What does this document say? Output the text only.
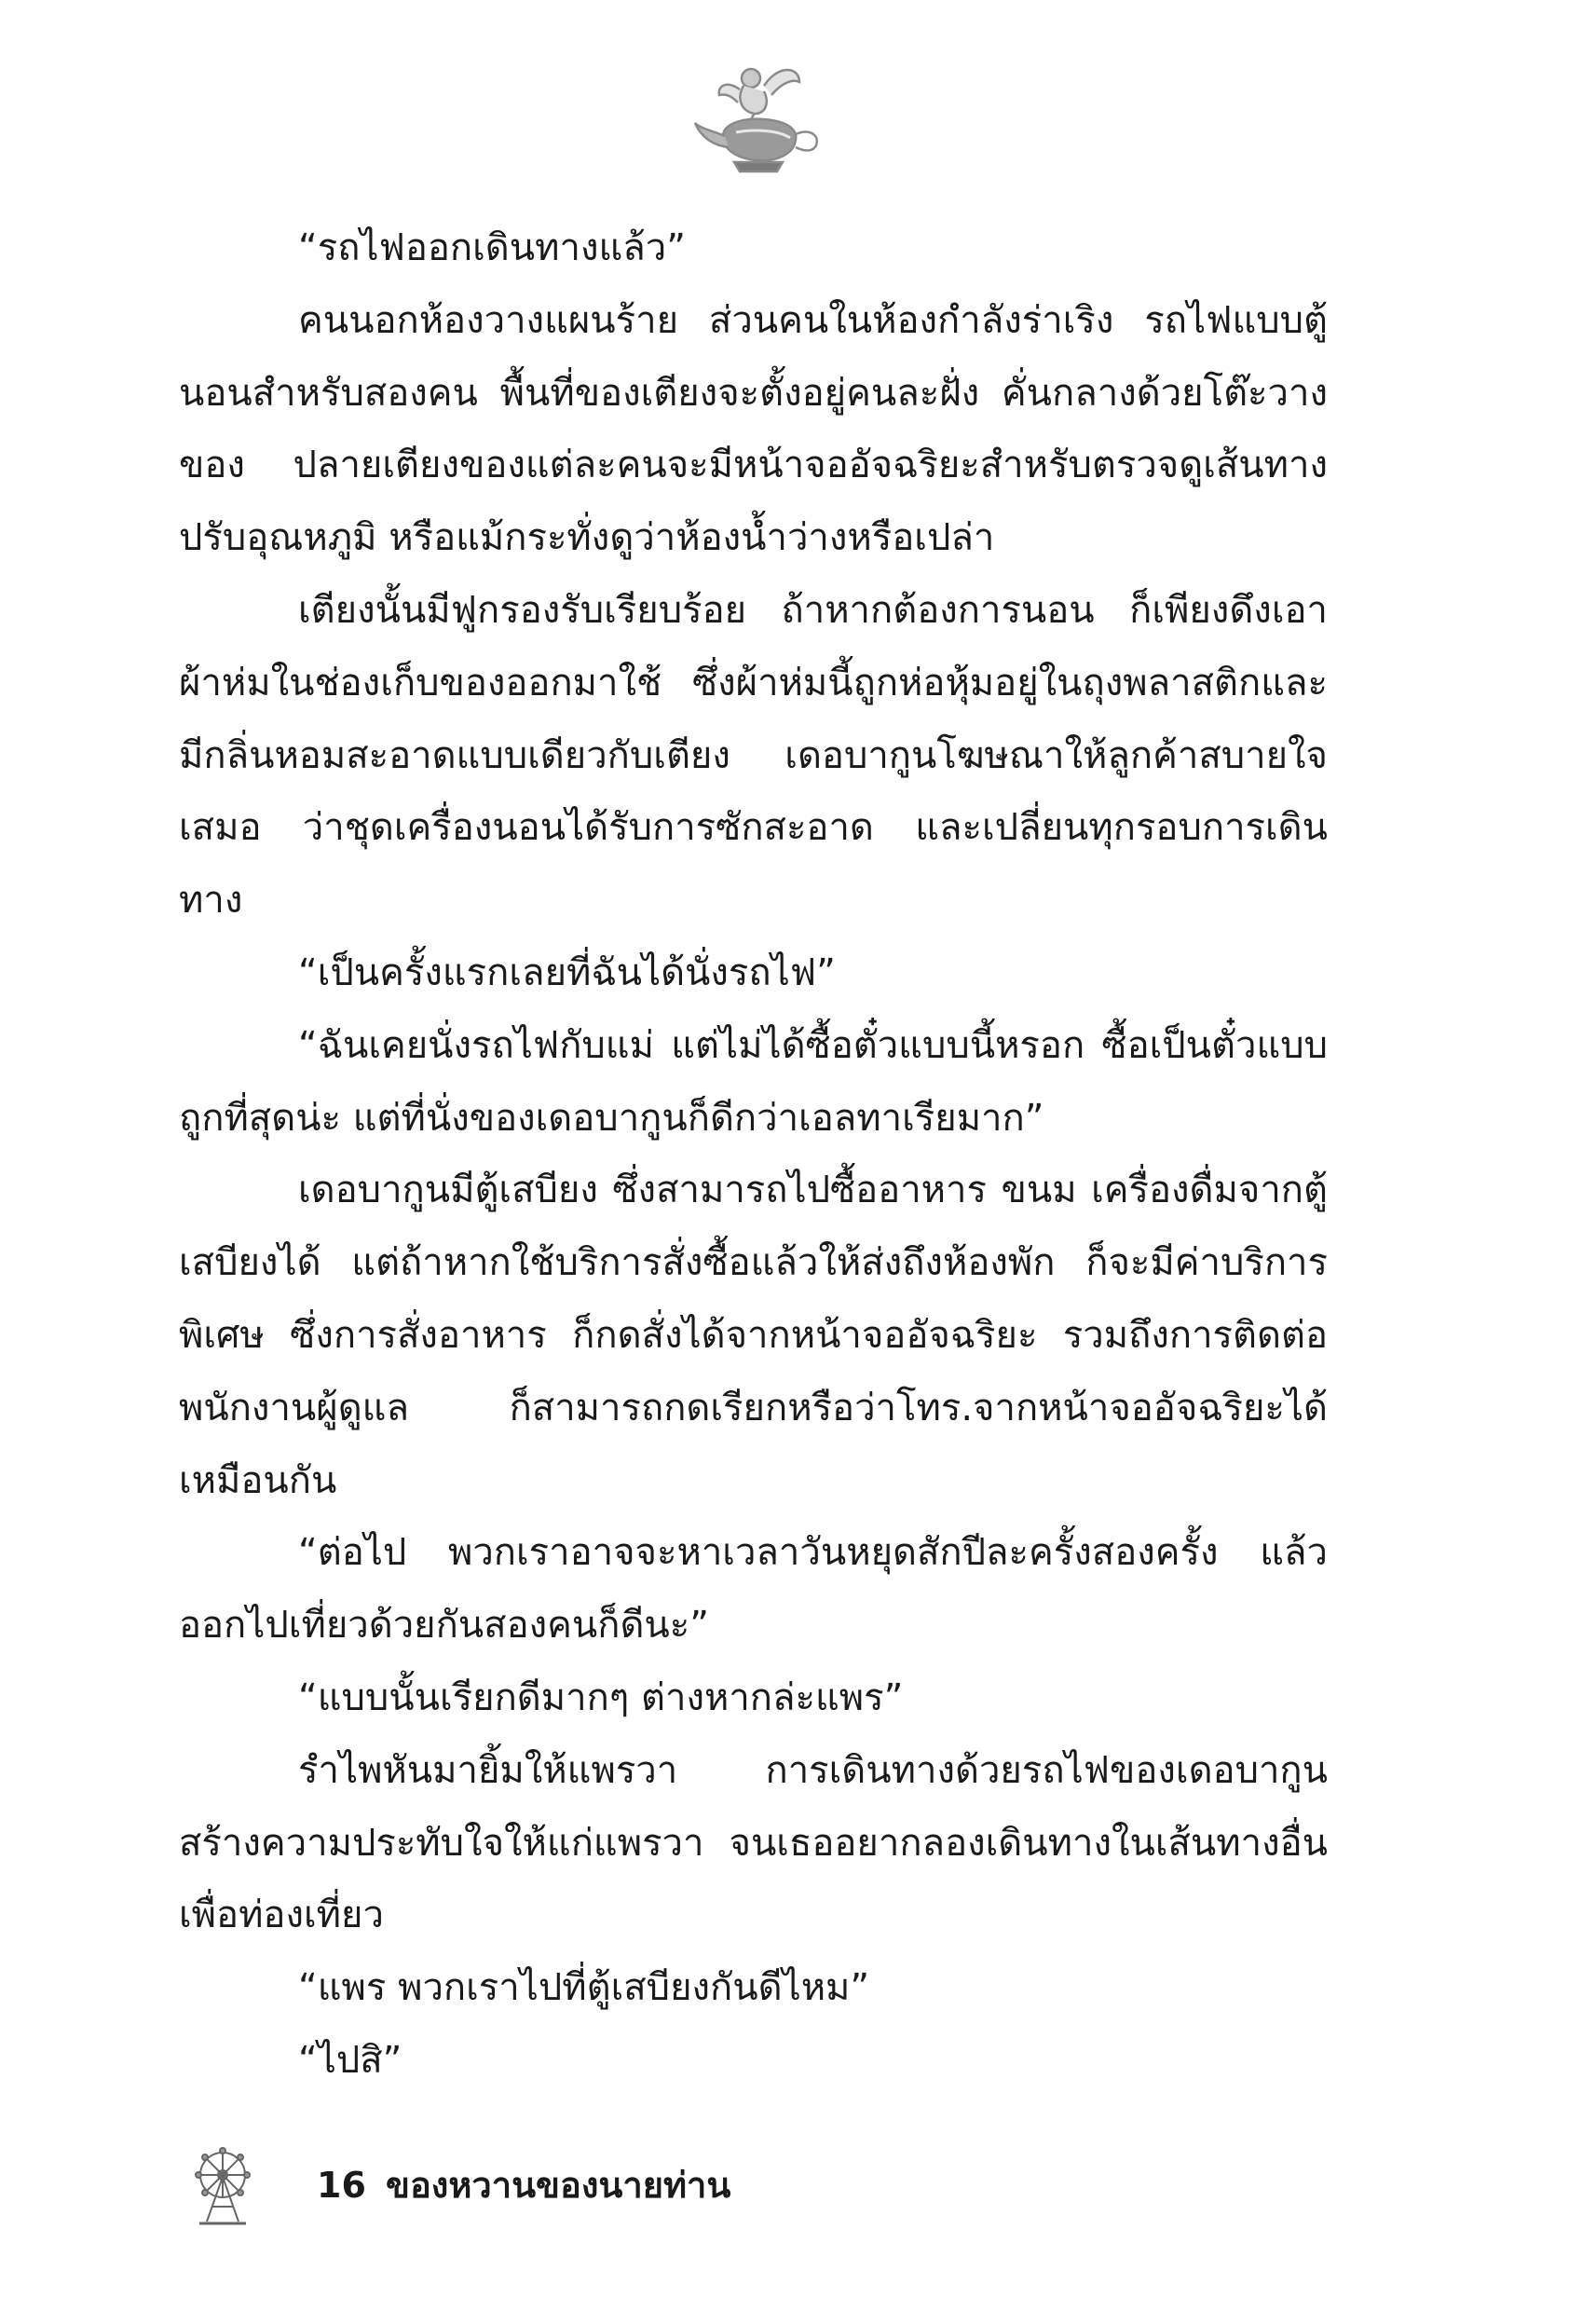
“รถไฟออกเดินทางแล้ว”

คนนอกห้องวางแผนร้าย ส่วนคนในห้องกำลังร่าเริง รถไฟแบบตู้นอนสำหรับสองคน พื้นที่ของเตียงจะตั้งอยู่คนละฝั่ง คั่นกลางด้วยโต๊ะวางของ ปลายเตียงของแต่ละคนจะมีหน้าจออัจฉริยะสำหรับตรวจดูเส้นทาง ปรับอุณหภูมิ หรือแม้กระทั่งดูว่าห้องน้ำว่างหรือเปล่า

เตียงนั้นมีฟูกรองรับเรียบร้อย ถ้าหากต้องการนอน ก็เพียงดึงเอาผ้าห่มในช่องเก็บของออกมาใช้ ซึ่งผ้าห่มนี้ถูกห่อหุ้มอยู่ในถุงพลาสติกและมีกลิ่นหอมสะอาดแบบเดียวกับเตียง เดอบากูนโฆษณาให้ลูกค้าสบายใจเสมอ ว่าชุดเครื่องนอนได้รับการซักสะอาด และเปลี่ยนทุกรอบการเดินทาง

“เป็นครั้งแรกเลยที่ฉันได้นั่งรถไฟ”

“ฉันเคยนั่งรถไฟกับแม่ แต่ไม่ได้ซื้อตั๋วแบบนี้หรอก ซื้อเป็นตั๋วแบบถูกที่สุดน่ะ แต่ที่นั่งของเดอบากูนก็ดีกว่าเอลทาเรียมาก”

เดอบากูนมีตู้เสบียง ซึ่งสามารถไปซื้ออาหาร ขนม เครื่องดื่มจากตู้เสบียงได้ แต่ถ้าหากใช้บริการสั่งซื้อแล้วให้ส่งถึงห้องพัก ก็จะมีค่าบริการพิเศษ ซึ่งการสั่งอาหาร ก็กดสั่งได้จากหน้าจออัจฉริยะ รวมถึงการติดต่อพนักงานผู้ดูแล ก็สามารถกดเรียกหรือว่าโทร.จากหน้าจออัจฉริยะได้เหมือนกัน

“ต่อไป พวกเราอาจจะหาเวลาวันหยุดสักปีละครั้งสองครั้ง แล้วออกไปเที่ยวด้วยกันสองคนก็ดีนะ”

“แบบนั้นเรียกดีมากๆ ต่างหากล่ะแพร”

รำไพหันมายิ้มให้แพรวา การเดินทางด้วยรถไฟของเดอบากูนสร้างความประทับใจให้แก่แพรวา จนเธออยากลองเดินทางในเส้นทางอื่น เพื่อท่องเที่ยว

“แพร พวกเราไปที่ตู้เสบียงกันดีไหม”

“ไปสิ”

16 ของหวานของนายท่าน
